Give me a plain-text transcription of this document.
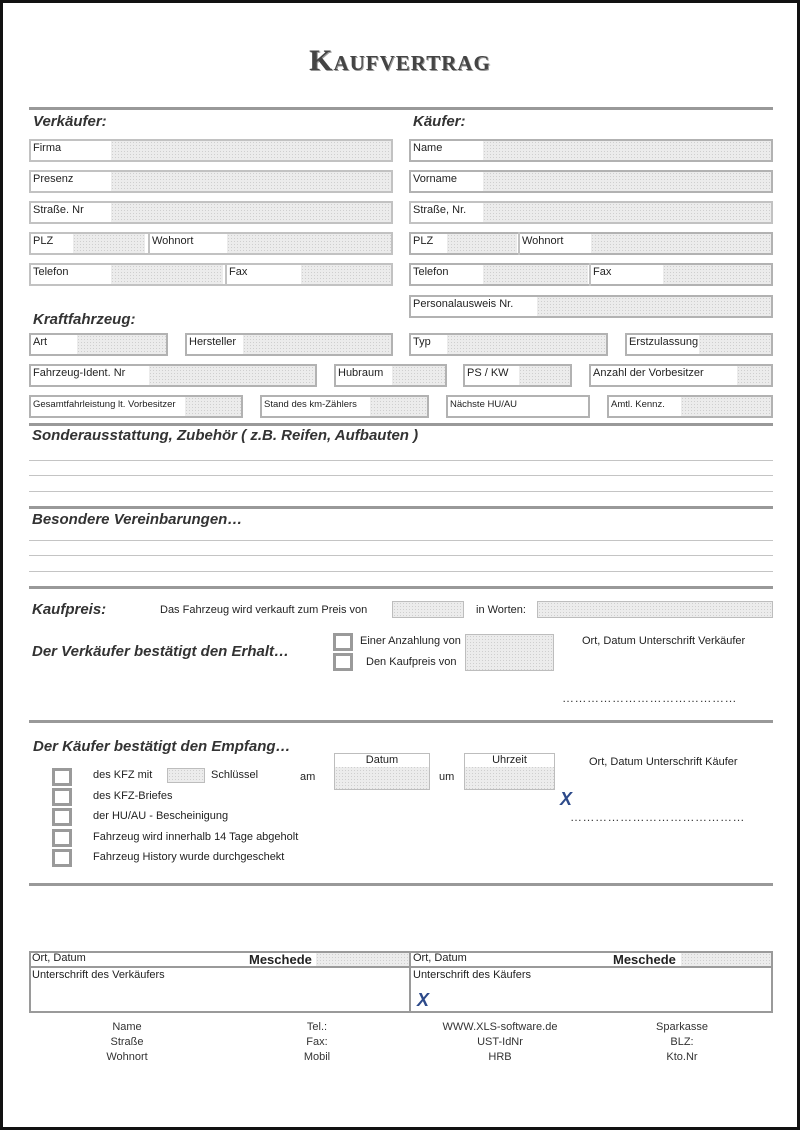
Kaufvertrag
Verkäufer:	Käufer:
Firma
Presenz
Straße. Nr
PLZ	Wohnort
Telefon	Fax
Name
Vorname
Straße, Nr.
PLZ	Wohnort
Telefon	Fax
Personalausweis Nr.
Kraftfahrzeug:
Art	Hersteller	Typ	Erstzulassung
Fahrzeug-Ident. Nr	Hubraum	PS / KW	Anzahl der Vorbesitzer
Gesamtfahrleistung lt. Vorbesitzer	Stand des km-Zählers	Nächste HU/AU	Amtl. Kennz.
Sonderausstattung, Zubehör ( z.B. Reifen, Aufbauten )
Besondere Vereinbarungen…
Kaufpreis:	Das Fahrzeug wird verkauft zum Preis von	in Worten:
Der Verkäufer bestätigt den Erhalt…
Einer Anzahlung von
Den Kaufpreis von
Ort, Datum Unterschrift Verkäufer
……………………………………
Der Käufer bestätigt den Empfang…
des KFZ mit	Schlüssel	am
Datum
um
Uhrzeit	Ort, Datum Unterschrift Käufer
X
……………………………………
des KFZ-Briefes
der HU/AU - Bescheinigung
Fahrzeug wird innerhalb 14 Tage abgeholt
Fahrzeug History wurde durchgeschekt
Ort, Datum	Meschede
Unterschrift des Verkäufers
Ort, Datum	Meschede
Unterschrift des Käufers
X
Name
Straße
Wohnort
Tel.:
Fax:
Mobil
WWW.XLS-software.de
UST-IdNr
HRB
Sparkasse
BLZ:
Kto.Nr
